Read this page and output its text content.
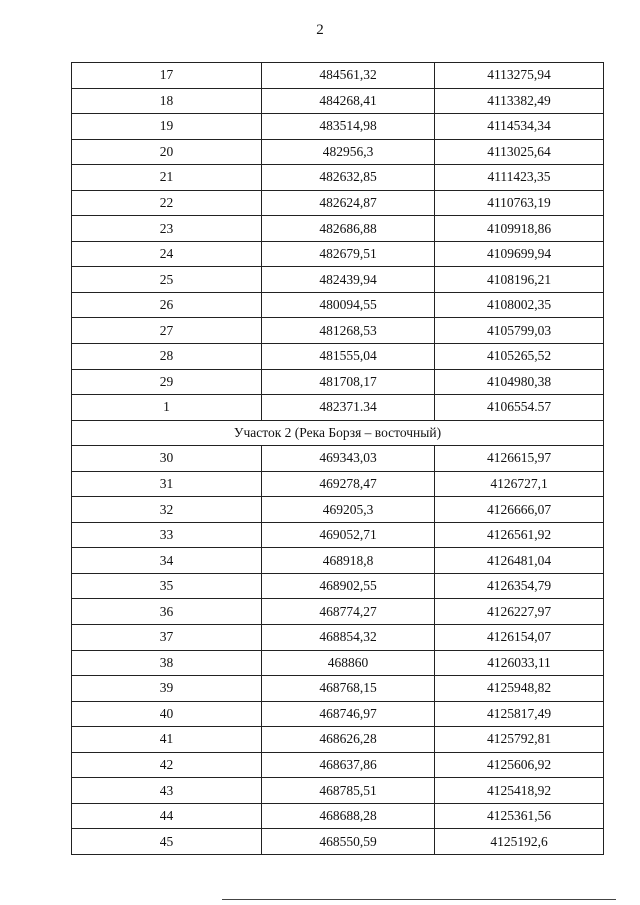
2
17	484561,32	4113275,94
18	484268,41	4113382,49
19	483514,98	4114534,34
20	482956,3	4113025,64
21	482632,85	4111423,35
22	482624,87	4110763,19
23	482686,88	4109918,86
24	482679,51	4109699,94
25	482439,94	4108196,21
26	480094,55	4108002,35
27	481268,53	4105799,03
28	481555,04	4105265,52
29	481708,17	4104980,38
1	482371.34	4106554.57
Участок 2 (Река Борзя – восточный)		
30	469343,03	4126615,97
31	469278,47	4126727,1
32	469205,3	4126666,07
33	469052,71	4126561,92
34	468918,8	4126481,04
35	468902,55	4126354,79
36	468774,27	4126227,97
37	468854,32	4126154,07
38	468860	4126033,11
39	468768,15	4125948,82
40	468746,97	4125817,49
41	468626,28	4125792,81
42	468637,86	4125606,92
43	468785,51	4125418,92
44	468688,28	4125361,56
45	468550,59	4125192,6
